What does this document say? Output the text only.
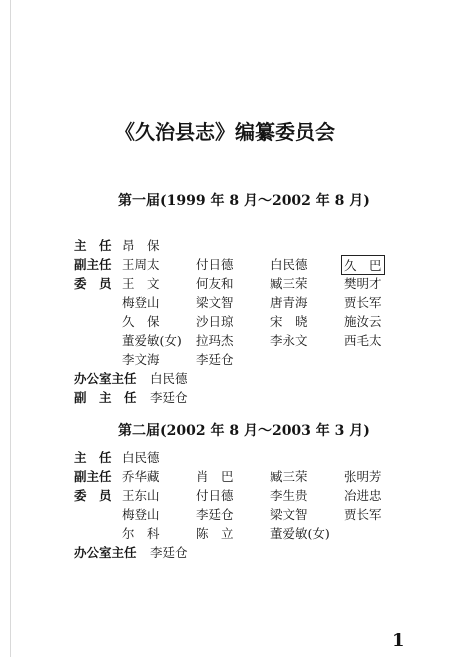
《久治县志》编纂委员会
第一届(1999 年 8 月～2002 年 8 月)
主　任 昂　保
副主任 王周太	付日德	白民德	久　巴
委　员 王　文	何友和	臧三荣	樊明才
梅登山	梁文智	唐青海	贾长军
久　保	沙日琼	宋　晓	施汝云
董爱敏(女) 拉玛杰	李永文	西毛太
李文海	李廷仓
办公室主任 白民德
副　主　任 李廷仓
第二届(2002 年 8 月～2003 年 3 月)
主　任 白民德
副主任 乔华藏	肖　巴	臧三荣	张明芳
委　员 王东山	付日德	李生贵	冶进忠
梅登山	李廷仓	梁文智	贾长军
尔　科	陈　立	董爱敏(女)
办公室主任 李廷仓
1
